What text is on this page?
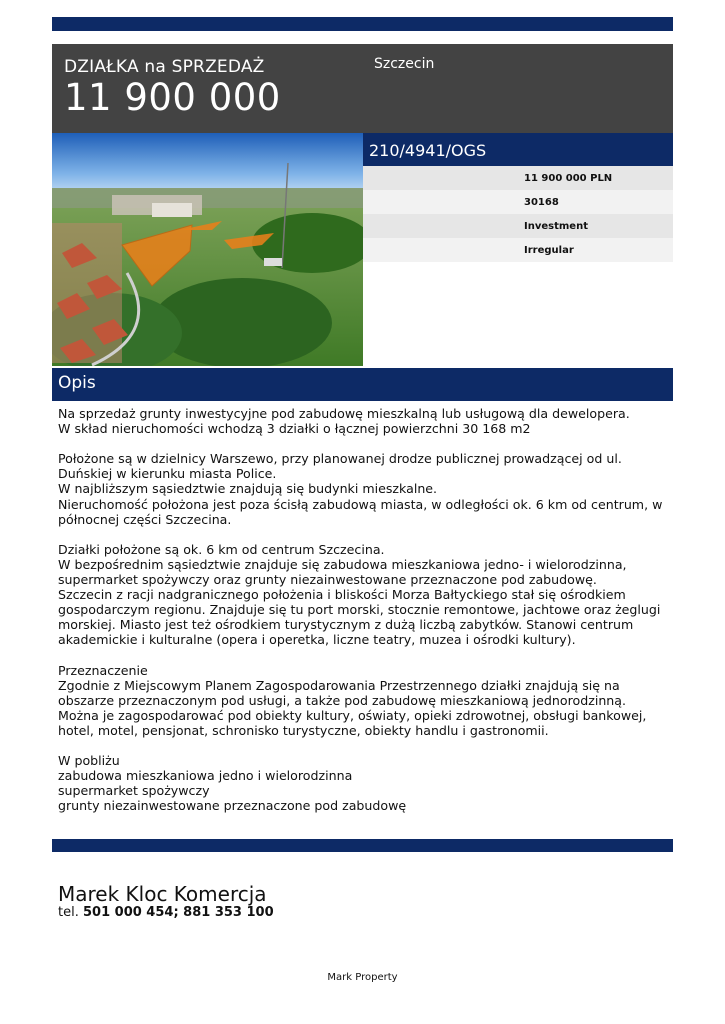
DZIAŁKA na SPRZEDAŻ
11 900 000
Szczecin
210/4941/OGS
11 900 000 PLN
30168
Investment
Irregular
Opis
Na sprzedaż grunty inwestycyjne pod zabudowę mieszkalną lub usługową dla dewelopera.
W skład nieruchomości wchodzą 3 działki o łącznej powierzchni 30 168 m2

Położone są w dzielnicy Warszewo, przy planowanej drodze publicznej prowadzącej od ul. Duńskiej w kierunku miasta Police.
W najbliższym sąsiedztwie znajdują się budynki mieszkalne.
Nieruchomość położona jest poza ścisłą zabudową miasta, w odległości ok. 6 km od centrum, w północnej części Szczecina.

Działki położone są ok. 6 km od centrum Szczecina.
W bezpośrednim sąsiedztwie znajduje się zabudowa mieszkaniowa jedno- i wielorodzinna, supermarket spożywczy oraz grunty niezainwestowane przeznaczone pod zabudowę.
Szczecin z racji nadgranicznego położenia i bliskości Morza Bałtyckiego stał się ośrodkiem gospodarczym regionu. Znajduje się tu port morski, stocznie remontowe, jachtowe oraz żeglugi morskiej. Miasto jest też ośrodkiem turystycznym z dużą liczbą zabytków. Stanowi centrum akademickie i kulturalne (opera i operetka, liczne teatry, muzea i ośrodki kultury).

Przeznaczenie
Zgodnie z Miejscowym Planem Zagospodarowania Przestrzennego działki znajdują się na obszarze przeznaczonym pod usługi, a także pod zabudowę mieszkaniową jednorodzinną. Można je zagospodarować pod obiekty kultury, oświaty, opieki zdrowotnej, obsługi bankowej, hotel, motel, pensjonat, schronisko turystyczne, obiekty handlu i gastronomii.

W pobliżu
zabudowa mieszkaniowa jedno i wielorodzinna
supermarket spożywczy
grunty niezainwestowane przeznaczone pod zabudowę
Marek Kloc Komercja
tel. 501 000 454; 881 353 100
Mark Property
